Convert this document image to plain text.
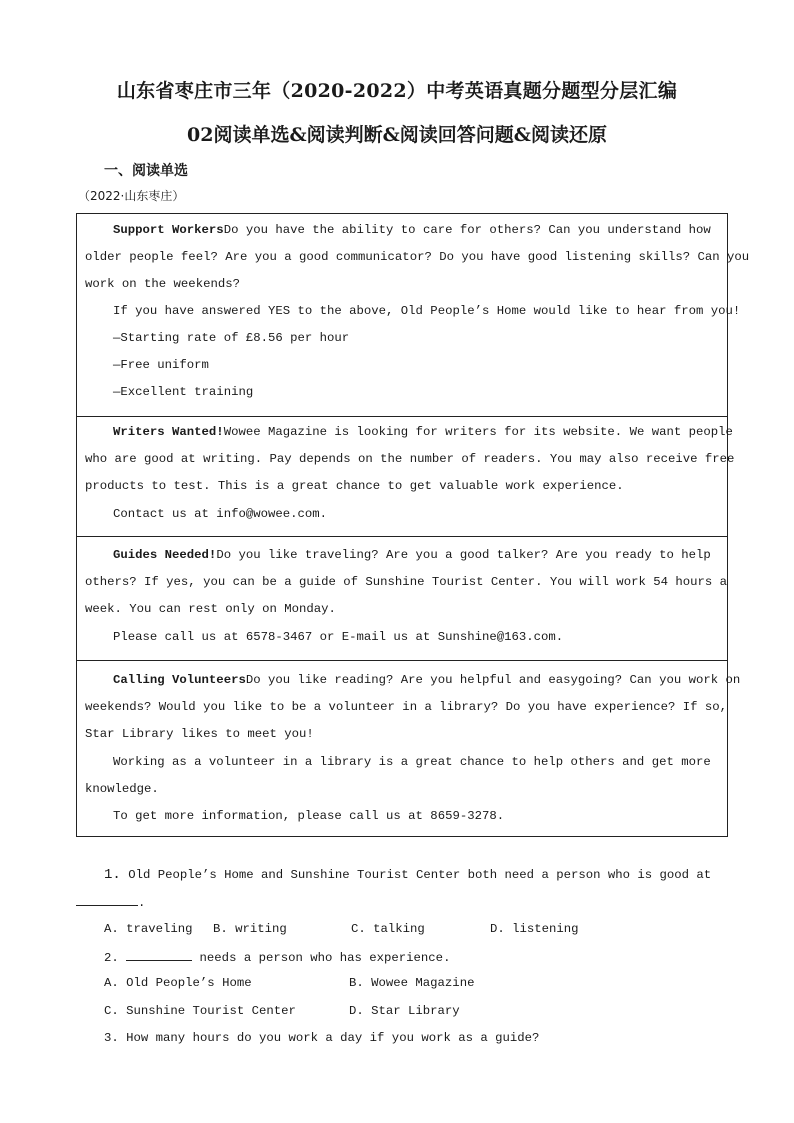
山东省枣庄市三年（2020-2022）中考英语真题分题型分层汇编
02阅读单选&阅读判断&阅读回答问题&阅读还原
一、阅读单选
（2022·山东枣庄）
Support WorkersDo you have the ability to care for others? Can you understand how
older people feel? Are you a good communicator? Do you have good listening skills? Can you
work on the weekends?
If you have answered YES to the above, Old People’s Home would like to hear from you!
—Starting rate of £8.56 per hour
—Free uniform
—Excellent training
Writers Wanted!Wowee Magazine is looking for writers for its website. We want people
who are good at writing. Pay depends on the number of readers. You may also receive free
products to test. This is a great chance to get valuable work experience.
Contact us at info@wowee.com.
Guides Needed!Do you like traveling? Are you a good talker? Are you ready to help
others? If yes, you can be a guide of Sunshine Tourist Center. You will work 54 hours a
week. You can rest only on Monday.
Please call us at 6578-3467 or E-mail us at Sunshine@163.com.
Calling VolunteersDo you like reading? Are you helpful and easygoing? Can you work on
weekends? Would you like to be a volunteer in a library? Do you have experience? If so,
Star Library likes to meet you!
Working as a volunteer in a library is a great chance to help others and get more
knowledge.
To get more information, please call us at 8659-3278.
1. Old People’s Home and Sunshine Tourist Center both need a person who is good at
.
A. traveling B. writing	C. talking	D. listening
2.	needs a person who has experience.
A. Old People’s Home	B. Wowee Magazine
C. Sunshine Tourist Center	D. Star Library
3. How many hours do you work a day if you work as a guide?
